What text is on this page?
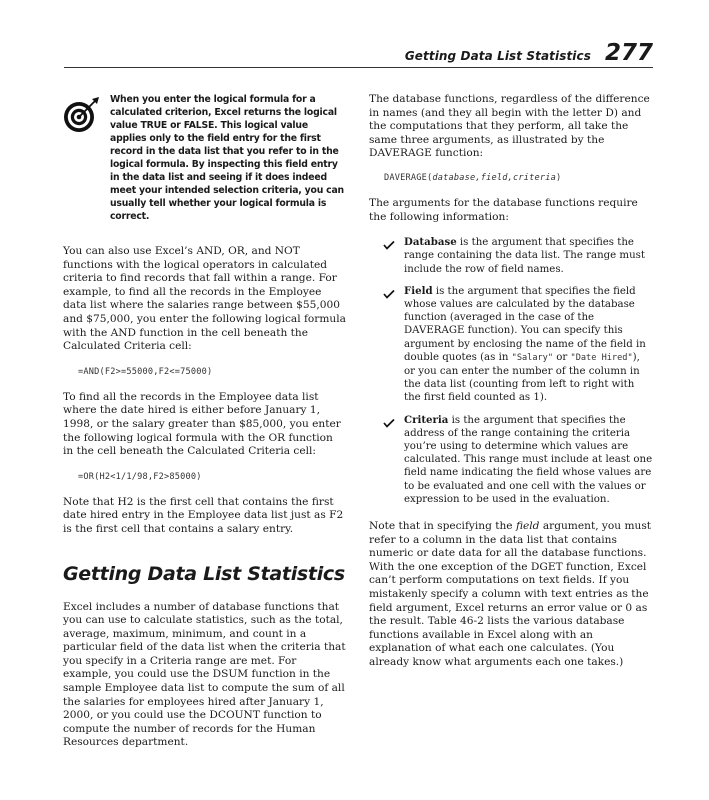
Getting Data List Statistics 277

When you enter the logical formula for a calculated criterion, Excel returns the logical value TRUE or FALSE. This logical value applies only to the field entry for the first record in the data list that you refer to in the logical formula. By inspecting this field entry in the data list and seeing if it does indeed meet your intended selection criteria, you can usually tell whether your logical formula is correct.

You can also use Excel’s AND, OR, and NOT functions with the logical operators in calculated criteria to find records that fall within a range. For example, to find all the records in the Employee data list where the salaries range between $55,000 and $75,000, you enter the following logical formula with the AND function in the cell beneath the Calculated Criteria cell:

=AND(F2>=55000,F2<=75000)

To find all the records in the Employee data list where the date hired is either before January 1, 1998, or the salary greater than $85,000, you enter the following logical formula with the OR function in the cell beneath the Calculated Criteria cell:

=OR(H2<1/1/98,F2>85000)

Note that H2 is the first cell that contains the first date hired entry in the Employee data list just as F2 is the first cell that contains a salary entry.

Getting Data List Statistics

Excel includes a number of database functions that you can use to calculate statistics, such as the total, average, maximum, minimum, and count in a particular field of the data list when the criteria that you specify in a Criteria range are met. For example, you could use the DSUM function in the sample Employee data list to compute the sum of all the salaries for employees hired after January 1, 2000, or you could use the DCOUNT function to compute the number of records for the Human Resources department.

The database functions, regardless of the difference in names (and they all begin with the letter D) and the computations that they perform, all take the same three arguments, as illustrated by the DAVERAGE function:

DAVERAGE(database,field,criteria)

The arguments for the database functions require the following information:

Database is the argument that specifies the range containing the data list. The range must include the row of field names.

Field is the argument that specifies the field whose values are calculated by the database function (averaged in the case of the DAVERAGE function). You can specify this argument by enclosing the name of the field in double quotes (as in "Salary" or "Date Hired"), or you can enter the number of the column in the data list (counting from left to right with the first field counted as 1).

Criteria is the argument that specifies the address of the range containing the criteria you’re using to determine which values are calculated. This range must include at least one field name indicating the field whose values are to be evaluated and one cell with the values or expression to be used in the evaluation.

Note that in specifying the field argument, you must refer to a column in the data list that contains numeric or date data for all the database functions. With the one exception of the DGET function, Excel can’t perform computations on text fields. If you mistakenly specify a column with text entries as the field argument, Excel returns an error value or 0 as the result. Table 46-2 lists the various database functions available in Excel along with an explanation of what each one calculates. (You already know what arguments each one takes.)
